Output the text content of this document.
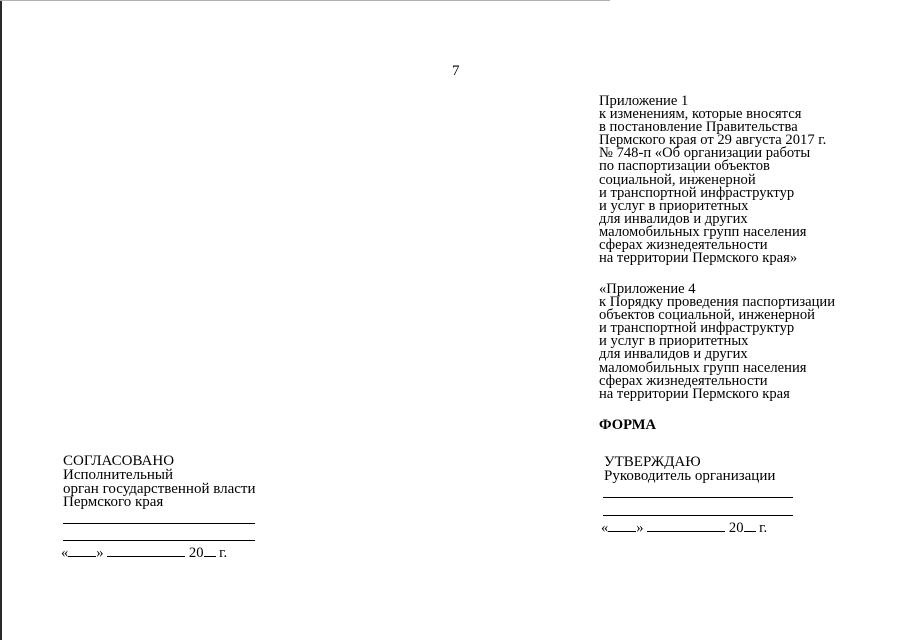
7
Приложение 1
к изменениям, которые вносятся
в постановление Правительства
Пермского края от 29 августа 2017 г.
№ 748-п «Об организации работы
по паспортизации объектов
социальной, инженерной
и транспортной инфраструктур
и услуг в приоритетных
для инвалидов и других
маломобильных групп населения
сферах жизнедеятельности
на территории Пермского края»
«Приложение 4
к Порядку проведения паспортизации
объектов социальной, инженерной
и транспортной инфраструктур
и услуг в приоритетных
для инвалидов и других
маломобильных групп населения
сферах жизнедеятельности
на территории Пермского края
ФОРМА
УТВЕРЖДАЮ
Руководитель организации
« »	20 г.
СОГЛАСОВАНО
Исполнительный
орган государственной власти
Пермского края
« »	20 г.
